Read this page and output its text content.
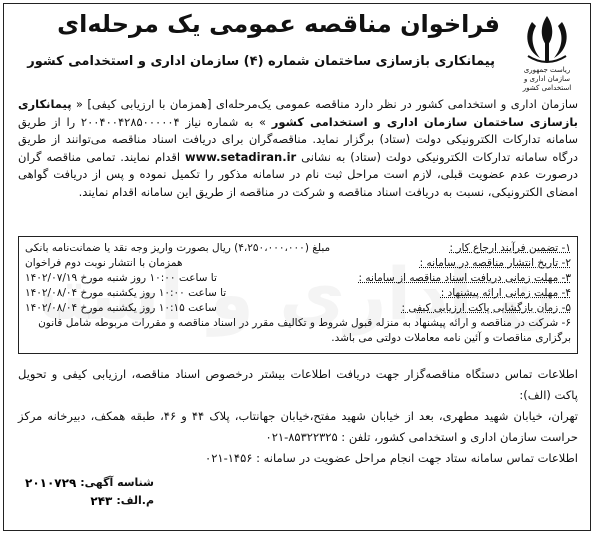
فراخوان مناقصه عمومی یک مرحله‌ای
پیمانکاری بازسازی ساختمان شماره (۴) سازمان اداری و استخدامی کشور
ریاست جمهوری
سازمان اداری و استخدامی کشور
سازمان اداری و استخدامی کشور در نظر دارد مناقصه عمومی یک‌مرحله‌ای [همزمان با ارزیابی کیفی] « پیمانکاری بازسازی ساختمان سازمان اداری و استخدامی کشور » به شماره نیاز ۲۰۰۴۰۰۴۲۸۵۰۰۰۰۰۴ را از طریق سامانه تدارکات الکترونیکی دولت (ستاد) برگزار نماید. مناقصه‌گران برای دریافت اسناد مناقصه می‌توانند از طریق درگاه سامانه تدارکات الکترونیکی دولت (ستاد) به نشانی www.setadiran.ir اقدام نمایند. تمامی مناقصه گران درصورت عدم عضویت قبلی، لازم است مراحل ثبت نام در سامانه مذکور را تکمیل نموده و پس از دریافت گواهی امضای الکترونیکی، نسبت به دریافت اسناد مناقصه و شرکت در مناقصه از طریق این سامانه اقدام نمایند.
۱- تضمین فرآیند ارجاع کار :
مبلغ (۴،۲۵۰،۰۰۰،۰۰۰) ریال بصورت واریز وجه نقد یا ضمانت‌نامه بانکی
۲- تاریخ انتشار مناقصه در سامانه :
همزمان با انتشار نوبت دوم فراخوان
۳- مهلت زمانی دریافت اسناد مناقصه از سامانه :
تا ساعت ۱۰:۰۰ روز شنبه مورخ ۱۴۰۲/۰۷/۱۹
۴- مهلت زمانی ارائه پیشنهاد :
تا ساعت ۱۰:۰۰ روز یکشنبه مورخ ۱۴۰۲/۰۸/۰۴
۵- زمان بازگشایی پاکت ارزیابی کیفی :
ساعت ۱۰:۱۵ روز یکشنبه مورخ ۱۴۰۲/۰۸/۰۴
۶- شرکت در مناقصه و ارائه پیشنهاد به منزله قبول شروط و تکالیف مقرر در اسناد مناقصه و مقررات مربوطه شامل قانون برگزاری مناقصات و آئین نامه معاملات دولتی می باشد.
اطلاعات تماس دستگاه مناقصه‌گزار جهت دریافت اطلاعات بیشتر درخصوص اسناد مناقصه، ارزیابی کیفی و تحویل پاکت (الف):
تهران، خیابان شهید مطهری، بعد از خیابان شهید مفتح،خیابان جهانتاب، پلاک ۴۴ و ۴۶، طبقه همکف، دبیرخانه مرکز حراست سازمان اداری و استخدامی کشور، تلفن : ۸۵۳۲۲۳۲۵-۰۲۱
اطلاعات تماس سامانه ستاد جهت انجام مراحل عضویت در سامانه : ۱۴۵۶-۰۲۱
شناسه آگهی:
۲۰۱۰۷۲۹
م.الف:
۲۴۳
